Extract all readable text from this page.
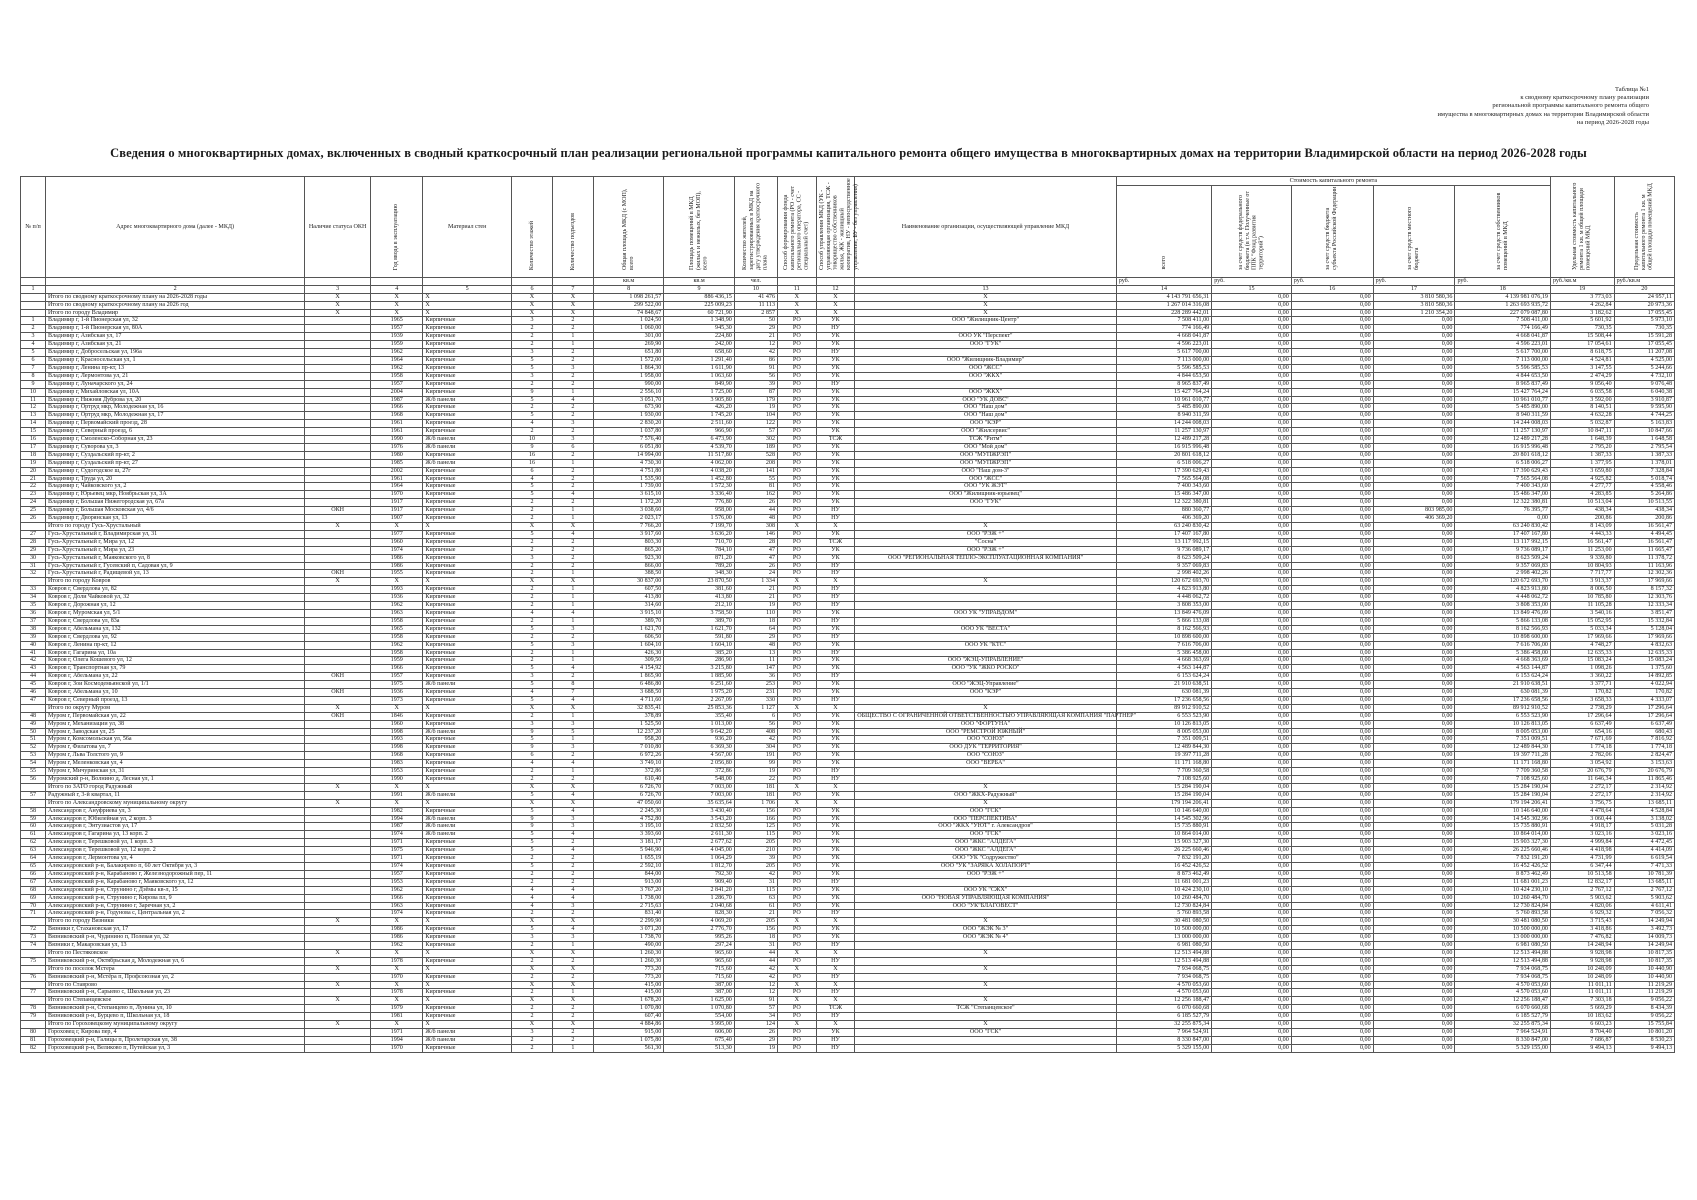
Таблица №1
к сводному краткосрочному плану реализации
региональной программы капитального ремонта общего
имущества в многоквартирных домах на территории Владимирской области
на период 2026-2028 годы
Сведения о многоквартирных домах, включенных в сводный краткосрочный план реализации региональной программы капитального ремонта общего имущества в многоквартирных домах на территории Владимирской области на период 2026-2028 годы
№ п/п	Адрес многоквартирного дома (далее - МКД)	Наличие статуса ОКН	Год ввода в эксплуатацию	Материал стен	Количество этажей	Количество подъездов	Общая площадь МКД (с МОП), всего	Площадь помещений в МКД (жилых и нежилых, без МОП), всего	Количество жителей, зарегистрированных в МКД на дату утверждения краткосрочного плана	Способ формирования фонда капитального ремонта (РО - счет регионального оператора, СС - специальный счет)	Способ управления МКД (УК - управляющая организация, ТСЖ - товарищество собственников жилья, ЖК - жилищный кооператив, НУ - непосредственное управление, БУ - без управления)	Наименование организации, осуществляющей управление МКД	Стоимость капитального ремонта					Удельная стоимость капитального ремонта 1 кв. м общей площади помещений МКД	Предельная стоимость капитального ремонта 1 кв. м общей площади помещений МКД
													всего	за счет средств федерального бюджета (в т.ч. Полученные от ППК "Фонд развития территорий")	за счет средств бюджета субъекта Российской Федерации	за счет средств местного бюджета	за счет средств собственников помещений в МКД		
							кв.м	кв.м	чел.				руб.	руб.	руб.	руб.	руб.	руб./кв.м	руб./кв.м
1	2	3	4	5	6	7	8	9	10	11	12	13	14	15	16	17	18	19	20
	Итого по сводному краткосрочному плану на 2026-2028 годы	X	X	X	X	X	1 098 261,57	886 436,15	41 476	X	X	X	4 143 791 656,31	0,00	0,00	3 810 580,36	4 139 981 076,19	3 773,03	24 957,11
	Итого по сводному краткосрочному плану на 2026 год	X	X	X	X	X	299 522,00	225 009,23	11 113	X	X	X	1 267 014 316,08	0,00	0,00	3 810 580,36	1 263 693 935,72	4 262,84	20 973,36
	Итого по городу Владимир	X	X	X	X	X	74 848,67	60 721,90	2 857	X	X	X	228 289 442,01	0,00	0,00	1 210 354,20	227 079 087,80	3 182,62	17 055,45
1	Владимир г, 1-й Пионерская ул, 32		1965	Кирпичные	3	2	1 024,50	1 348,90	50	РО	УК	ООО "Жилищник-Центр"	7 508 411,00	0,00	0,00	0,00	7 508 411,00	5 601,92	5 973,10
2	Владимир г, 1-й Пионерская ул, 80А		1957	Кирпичные	2	2	1 060,00	945,30	29	РО	НУ		774 166,49	0,00	0,00	0,00	774 166,49	730,35	730,35
3	Владимир г, Азибская ул, 17		1939	Кирпичные	2	1	301,00	224,80	21	РО	УК	ООО УК "Перспект"	4 668 041,87	0,00	0,00	0,00	4 668 041,87	15 508,44	15 591,28
4	Владимир г, Азибская ул, 21		1959	Кирпичные	2	1	269,90	242,00	12	РО	УК	ООО "ГУК"	4 596 223,01	0,00	0,00	0,00	4 596 223,01	17 054,61	17 055,45
5	Владимир г, Добросельская ул, 196а		1962	Кирпичные	3	2	651,80	658,60	42	РО	НУ		5 617 700,00	0,00	0,00	0,00	5 617 700,00	8 618,75	11 207,08
6	Владимир г, Красносельская ул, 1		1964	Кирпичные	5	2	1 572,00	1 291,40	86	РО	УК	ООО "Жилищник-Владимир"	7 113 000,00	0,00	0,00	0,00	7 113 000,00	4 524,81	4 525,00
7	Владимир г, Ленина пр-кт, 13		1962	Кирпичные	5	3	1 864,30	1 611,90	91	РО	УК	ООО "ЖСС"	5 596 585,53	0,00	0,00	0,00	5 596 585,53	3 147,55	5 244,66
8	Владимир г, Лермонтова ул, 21		1958	Кирпичные	3	2	1 958,00	1 063,60	56	РО	УК	ООО "ЖКХ"	4 844 653,50	0,00	0,00	0,00	4 844 653,50	2 474,29	4 732,10
9	Владимир г, Луначарского ул, 24		1957	Кирпичные	2	2	990,00	849,90	39	РО	НУ		8 965 837,49	0,00	0,00	0,00	8 965 837,49	9 056,40	9 076,48
10	Владимир г, Михайловская ул, 10А		2004	Кирпичные	9	1	2 556,10	1 725,00	87	РО	УК	ООО "ЖКХ"	15 427 764,24	0,00	0,00	0,00	15 427 764,24	6 035,58	6 040,38
11	Владимир г, Нижняя Дуброва ул, 20		1987	Ж/б панели	5	4	3 051,70	3 905,80	179	РО	УК	ООО "УК ДОВС"	10 961 010,77	0,00	0,00	0,00	10 961 010,77	3 592,00	3 910,87
12	Владимир г, Ортруд мкр, Молодежная ул, 16		1966	Кирпичные	2	2	673,90	426,20	19	РО	УК	ООО "Наш дом"	5 485 890,00	0,00	0,00	0,00	5 485 890,00	8 140,51	9 595,90
13	Владимир г, Ортруд мкр, Молодежная ул, 17		1968	Кирпичные	5	2	1 930,00	1 745,20	104	РО	УК	ООО "Наш дом"	8 940 311,59	0,00	0,00	0,00	8 940 311,59	4 632,28	4 744,25
14	Владимир г, Первомайский проезд, 28		1961	Кирпичные	4	3	2 830,20	2 511,60	122	РО	УК	ООО "КЭР"	14 244 008,03	0,00	0,00	0,00	14 244 008,03	5 032,87	5 163,83
15	Владимир г, Северный проезд, 6		1961	Кирпичные	2	2	1 037,80	966,90	57	РО	УК	ООО "Жилсервис"	11 257 130,97	0,00	0,00	0,00	11 257 130,97	10 847,11	10 847,66
16	Владимир г, Смоленско-Соборная ул, 23		1990	Ж/б панели	10	3	7 576,40	6 473,90	302	РО	ТСЖ	ТСЖ "Ритм"	12 489 217,28	0,00	0,00	0,00	12 489 217,28	1 648,39	1 648,58
17	Владимир г, Суворова ул, 3		1976	Ж/б панели	9	6	6 051,80	4 539,70	189	РО	УК	ООО "Мой дом"	16 915 996,48	0,00	0,00	0,00	16 915 996,48	2 795,20	2 795,54
18	Владимир г, Суздальский пр-кт, 2		1980	Кирпичные	16	2	14 994,00	11 517,80	528	РО	УК	ООО "МУПЖРЭП"	20 801 618,12	0,00	0,00	0,00	20 801 618,12	1 387,33	1 387,33
19	Владимир г, Суздальский пр-кт, 27		1985	Ж/б панели	16	1	4 730,30	4 062,00	208	РО	УК	ООО "МУПЖРЭП"	6 518 006,27	0,00	0,00	0,00	6 518 006,27	1 377,95	1 378,01
20	Владимир г, Судогодское ш, 27г		2002	Кирпичные	6	2	4 751,80	4 038,20	141	РО	УК	ООО "Наш дом-3"	17 390 629,43	0,00	0,00	0,00	17 390 629,43	3 659,80	7 328,84
21	Владимир г, Труда ул, 20		1961	Кирпичные	4	2	1 535,90	1 452,80	55	РО	УК	ООО "ЖСС"	7 565 564,08	0,00	0,00	0,00	7 565 564,08	4 925,82	5 018,74
22	Владимир г, Чайковского ул, 2		1964	Кирпичные	5	2	1 739,00	1 572,30	81	РО	УК	ООО "УК ЖЭТ"	7 400 343,60	0,00	0,00	0,00	7 400 343,60	4 277,77	4 558,46
23	Владимир г, Юрьевец мкр, Ноябрьская ул, 3А		1970	Кирпичные	5	4	3 615,10	3 336,40	162	РО	УК	ООО "Жилищник-юрьевец"	15 486 347,00	0,00	0,00	0,00	15 486 347,00	4 283,85	5 264,86
24	Владимир г, Большая Нижегородская ул, 67а		1917	Кирпичные	2	2	1 172,20	776,80	26	РО	УК	ООО "ГУК"	12 322 380,81	0,00	0,00	0,00	12 322 380,81	10 513,04	10 513,55
25	Владимир г, Большая Московская ул, 4/6	ОКН	1917	Кирпичные	2	1	3 038,60	958,00	44	РО	НУ		880 360,77	0,00	0,00	803 985,00	76 395,77	438,34	438,34
26	Владимир г, Дворянская ул, 13		1907	Кирпичные	2	1	2 023,17	1 576,00	48	РО	НУ		406 369,20	0,00	0,00	406 369,20	0,00	200,86	200,86
	Итого по городу Гусь-Хрустальный	X	X	X	X	X	7 766,20	7 199,70	308	X	X	X	63 240 830,42	0,00	0,00	0,00	63 240 830,42	8 143,09	16 561,47
27	Гусь-Хрустальный г, Владимирская ул, 31		1977	Кирпичные	5	4	3 917,60	3 636,20	146	РО	УК	ООО "РЭЖ +"	17 407 167,80	0,00	0,00	0,00	17 407 167,80	4 443,33	4 494,45
28	Гусь-Хрустальный г, Мира ул, 12		1960	Кирпичные	2	2	803,30	710,70	28	РО	ТСЖ	"Сосна"	13 117 992,15	0,00	0,00	0,00	13 117 992,15	16 561,47	16 561,47
29	Гусь-Хрустальный г, Мира ул, 23		1974	Кирпичные	2	2	865,20	784,10	47	РО	УК	ООО "РЭЖ +"	9 736 089,17	0,00	0,00	0,00	9 736 089,17	11 253,00	11 665,47
30	Гусь-Хрустальный г, Маяковского ул, 8		1986	Кирпичные	3	2	923,30	871,20	47	РО	УК	ООО "РЕГИОНАЛЬНАЯ ТЕПЛО-ЭКСПЛУАТАЦИОННАЯ КОМПАНИЯ"	8 623 509,24	0,00	0,00	0,00	8 623 509,24	9 339,80	11 378,72
31	Гусь-Хрустальный г, Гусевский п, Садовая ул, 9		1986	Кирпичные	2	2	866,00	789,20	26	РО	НУ		9 357 069,83	0,00	0,00	0,00	9 357 069,83	10 804,93	11 163,96
32	Гусь-Хрустальный г, Радищевой ул, 13	ОКН	1955	Кирпичные	2	1	388,50	348,30	24	РО	НУ		2 998 402,26	0,00	0,00	0,00	2 998 402,26	7 717,77	12 302,36
	Итого по городу Ковров	X	X	X	X	X	30 837,00	23 870,50	1 334	X	X	X	120 672 693,70	0,00	0,00	0,00	120 672 693,70	3 913,37	17 969,66
33	Ковров г, Свердлова ул, 82		1993	Кирпичные	2	1	607,50	381,60	21	РО	НУ		4 823 913,80	0,00	0,00	0,00	4 823 913,80	8 006,50	8 157,32
34	Ковров г, Доли Чайковой ул, 32		1936	Кирпичные	2	1	413,80	413,80	21	РО	НУ		4 448 062,72	0,00	0,00	0,00	4 448 062,72	10 785,80	12 303,76
35	Ковров г, Дорожная ул, 12		1962	Кирпичные	2	1	314,60	212,10	19	РО	НУ		3 808 353,00	0,00	0,00	0,00	3 808 353,00	11 105,28	12 333,34
36	Ковров г, Муромская ул, 5/1		1963	Кирпичные	4	4	3 915,10	3 758,50	110	РО	УК	ООО УК "УПРАВДОМ"	13 849 476,09	0,00	0,00	0,00	13 849 476,09	3 540,16	3 851,47
37	Ковров г, Свердлова ул, 83а		1958	Кирпичные	2	1	389,70	389,70	18	РО	НУ		5 866 133,08	0,00	0,00	0,00	5 866 133,08	15 052,95	15 332,84
38	Ковров г, Абельмана ул, 132		1965	Кирпичные	5	3	1 621,70	1 621,70	64	РО	УК	ООО УК "ВЕСТА"	8 162 566,93	0,00	0,00	0,00	8 162 566,93	5 033,34	5 128,04
39	Ковров г, Свердлова ул, 92		1958	Кирпичные	2	2	606,50	591,80	29	РО	НУ		10 898 600,00	0,00	0,00	0,00	10 898 600,00	17 969,66	17 969,66
40	Ковров г, Ленина пр-кт, 12		1962	Кирпичные	5	3	1 604,10	1 604,10	48	РО	УК	ООО УК "КТС"	7 616 706,00	0,00	0,00	0,00	7 616 706,00	4 748,27	4 832,63
41	Ковров г, Гагарина ул, 10а		1958	Кирпичные	2	1	426,30	385,20	13	РО	НУ		5 386 458,00	0,00	0,00	0,00	5 386 458,00	12 635,33	12 635,33
42	Ковров г, Олега Кошевого ул, 12		1959	Кирпичные	2	1	309,50	286,90	11	РО	УК	ООО "ЖЭЦ-УПРАВЛЕНИЕ"	4 668 363,69	0,00	0,00	0,00	4 668 363,69	15 083,24	15 083,24
43	Ковров г, Транспортная ул, 79		1966	Кирпичные	5	4	4 154,92	3 215,80	147	РО	УК	ООО "УК "ЖКО РОСКО"	4 563 144,87	0,00	0,00	0,00	4 563 144,87	1 098,26	1 375,60
44	Ковров г, Абельмана ул, 22	ОКН	1957	Кирпичные	3	2	1 865,90	1 885,90	36	РО	НУ		6 153 624,24	0,00	0,00	0,00	6 153 624,24	3 360,22	14 892,85
45	Ковров г, Зои Космодемьянской ул, 1/1		1975	Ж/б панели	5	8	6 486,80	6 251,60	253	РО	УК	ООО "ЖЭЦ-Управление"	21 910 638,51	0,00	0,00	0,00	21 910 638,51	3 377,71	4 022,94
46	Ковров г, Абельмана ул, 10	ОКН	1936	Кирпичные	4	7	3 688,50	1 975,20	231	РО	УК	ООО "КЭР"	630 081,39	0,00	0,00	0,00	630 081,39	170,82	170,82
47	Ковров г, Северный проезд, 13		1973	Кирпичные	5	4	4 711,60	2 267,09	330	РО	НУ		17 236 658,56	0,00	0,00	0,00	17 236 658,56	3 658,33	4 333,07
	Итого по округу Муром	X	X	X	X	X	32 835,41	25 853,36	1 127	X	X	X	89 912 910,52	0,00	0,00	0,00	89 912 910,52	2 738,29	17 296,64
48	Муром г, Первомайская ул, 22	ОКН	1846	Кирпичные	2	1	378,89	355,40	6	РО	УК	ОБЩЕСТВО С ОГРАНИЧЕННОЙ ОТВЕТСТВЕННОСТЬЮ УПРАВЛЯЮЩАЯ КОМПАНИЯ "ПАРТНЕР"	6 553 523,90	0,00	0,00	0,00	6 553 523,90	17 296,64	17 296,64
49	Муром г, Механизации ул, 38		1960	Кирпичные	3	3	1 525,50	1 013,00	56	РО	УК	ООО "ФОРТУНА"	10 126 813,05	0,00	0,00	0,00	10 126 813,05	6 637,49	6 637,49
50	Муром г, Заводская ул, 25		1998	Ж/б панели	9	5	12 237,20	9 642,20	408	РО	УК	ООО "РЕМСТРОЙ ЮЖНЫЙ"	8 005 053,00	0,00	0,00	0,00	8 005 053,00	654,16	680,43
51	Муром г, Комсомольская ул, 56а		1993	Кирпичные	5	1	958,20	936,20	42	РО	УК	ООО "СОЮЗ"	7 351 009,51	0,00	0,00	0,00	7 351 009,51	7 671,69	7 816,92
52	Муром г, Филатова ул, 7		1998	Кирпичные	9	3	7 010,80	6 369,30	304	РО	УК	ООО ДУК "ТЕРРИТОРИЯ"	12 489 844,30	0,00	0,00	0,00	12 489 844,30	1 774,18	1 774,18
53	Муром г, Льва Толстого ул, 9		1968	Кирпичные	6	2	6 972,26	4 567,00	191	РО	УК	ООО "СОЮЗ"	19 397 711,28	0,00	0,00	0,00	19 397 711,28	2 782,06	2 824,47
54	Муром г, Меленковская ул, 4		1983	Кирпичные	4	4	3 749,10	2 056,80	99	РО	УК	ООО "ВЕРБА"	11 171 168,80	0,00	0,00	0,00	11 171 168,80	3 054,92	3 153,63
55	Муром г, Мичуринская ул, 31		1953	Кирпичные	2	1	372,86	372,86	19	РО	НУ		7 709 360,58	0,00	0,00	0,00	7 709 360,58	20 676,79	20 676,79
56	Муромский р-н, Волнино д, Лесная ул, 1		1990	Кирпичные	2	2	610,40	548,00	22	РО	НУ		7 108 925,60	0,00	0,00	0,00	7 108 925,60	11 646,34	11 865,46
	Итого по ЗАТО город Радужный	X	X	X	X	X	6 726,70	7 003,00	181	X	X	X	15 284 190,04	0,00	0,00	0,00	15 284 190,04	2 272,17	2 314,92
57	Радужный г, 3-й квартал, 11		1991	Ж/б панели	5	4	6 726,70	7 003,00	181	РО	УК	ООО "ЖКХ-Радужный"	15 284 190,04	0,00	0,00	0,00	15 284 190,04	2 272,17	2 314,92
	Итого по Александровскому муниципальному округу	X	X	X	X	X	47 050,60	35 635,64	1 706	X	X	X	179 194 206,41	0,00	0,00	0,00	179 194 206,41	3 756,75	13 685,11
58	Александров г, Ануфриева ул, 3		1982	Кирпичные	5	4	2 245,30	3 430,40	156	РО	УК	ООО "ГСК"	10 146 640,00	0,00	0,00	0,00	10 146 640,00	4 478,64	4 528,84
59	Александров г, Юбилейная ул, 2 корп. 3		1994	Ж/б панели	9	3	4 752,80	3 543,20	166	РО	УК	ООО "ПЕРСПЕКТИВА"	14 545 302,96	0,00	0,00	0,00	14 545 302,96	3 060,44	3 138,02
60	Александров г, Энтузиастов ул, 17		1987	Ж/б панели	9	3	3 195,10	2 832,50	125	РО	УК	ООО "ЖКХ "УЮТ" г. Александров"	15 735 880,91	0,00	0,00	0,00	15 735 880,91	4 918,17	5 031,28
61	Александров г, Гагарина ул, 13 корп. 2		1974	Ж/б панели	5	4	3 393,60	2 611,30	115	РО	УК	ООО "ГСК"	10 864 014,00	0,00	0,00	0,00	10 864 014,00	3 023,16	3 023,16
62	Александров г, Терешковой ул, 1 корп. 3		1971	Кирпичные	5	2	3 181,17	2 677,62	205	РО	УК	ООО "ЖКС "АЛДЕГА"	15 903 327,30	0,00	0,00	0,00	15 903 327,30	4 999,84	4 472,45
63	Александров г, Терешковой ул, 12 корп. 2		1975	Кирпичные	5	4	5 946,90	4 045,00	210	РО	УК	ООО "ЖКС "АЛДЕГА"	26 225 660,46	0,00	0,00	0,00	26 225 660,46	4 418,98	4 414,09
64	Александров г, Лермонтова ул, 4		1971	Кирпичные	2	2	1 655,19	1 064,29	39	РО	УК	ООО "УК "Содружество"	7 832 191,20	0,00	0,00	0,00	7 832 191,20	4 731,99	6 619,54
65	Александровский р-н, Балакирево п, 60 лет Октября ул, 3		1974	Кирпичные	5	2	2 592,10	1 812,70	205	РО	УК	ООО "УК "ЗАРЯКА ХОЛАПОРТ"	16 452 426,52	0,00	0,00	0,00	16 452 426,52	6 347,44	7 471,33
66	Александровский р-н, Карабаново г, Железнодорожный пер, 11		1957	Кирпичные	2	2	844,00	792,30	42	РО	УК	ООО "РЭЖ +"	8 873 462,49	0,00	0,00	0,00	8 873 462,49	10 513,58	10 781,39
67	Александровский р-н, Карабаново г, Маяковского ул, 12		1953	Кирпичные	2	2	913,00	909,40	31	РО	НУ		11 681 001,23	0,00	0,00	0,00	11 681 001,23	12 832,17	13 685,11
68	Александровский р-н, Струнино г, Дзёмы кв-л, 15		1962	Кирпичные	4	4	3 767,20	2 841,20	115	РО	УК	ООО УК "СЖХ"	10 424 230,10	0,00	0,00	0,00	10 424 230,10	2 767,12	2 767,12
69	Александровский р-н, Струнино г, Кирова пл, 9		1966	Кирпичные	4	4	1 738,00	1 286,70	63	РО	УК	ООО "НОВАЯ УПРАВЛЯЮЩАЯ КОМПАНИЯ"	10 260 484,70	0,00	0,00	0,00	10 260 484,70	5 903,62	5 903,62
70	Александровский р-н, Струнино г, Заречная ул, 2		1963	Кирпичные	4	3	2 715,63	2 040,68	61	РО	УК	ООО "УК"БЛАГОВЕСТ"	12 730 824,84	0,00	0,00	0,00	12 730 824,84	4 820,06	4 611,41
71	Александровский р-н, Годунова с, Центральная ул, 2		1974	Кирпичные	2	2	831,40	828,30	21	РО	НУ		5 760 893,58	0,00	0,00	0,00	5 760 893,58	6 929,32	7 056,32
	Итого по городу Вязники	X	X	X	X	X	2 299,90	4 069,20	205	X	X	X	30 481 080,50	0,00	0,00	0,00	30 481 080,50	3 715,43	14 249,94
72	Вязники г, Стахановская ул, 17		1986	Кирпичные	5	4	3 071,20	2 776,70	156	РО	УК	ООО "ЖЭК № 3"	10 500 000,00	0,00	0,00	0,00	10 500 000,00	3 418,86	3 492,73
73	Вязниковский р-н, Чудинино п, Полевая ул, 32		1986	Кирпичные	3	3	1 738,70	995,26	18	РО	УК	ООО "ЖЭК № 4"	13 000 000,00	0,00	0,00	0,00	13 000 000,00	7 476,82	14 009,73
74	Вязники г, Макаровская ул, 13		1962	Кирпичные	2	1	490,00	297,24	31	РО	НУ		6 981 080,50	0,00	0,00	0,00	6 981 080,50	14 248,94	14 249,94
	Итого по Пестяковское	X	X	X	X	X	1 260,30	965,60	44	X	X	X	12 513 494,88	0,00	0,00	0,00	12 513 494,88	9 928,98	10 817,35
75	Вязниковский р-н, Октябрьская д, Молодежная ул, 6		1978	Кирпичные	2	2	1 260,30	965,60	44	РО	НУ		12 513 494,88	0,00	0,00	0,00	12 513 494,88	9 928,98	10 817,35
	Итого по поселок Мстера	X	X	X	X	X	773,20	715,60	42	X	X	X	7 934 068,75	0,00	0,00	0,00	7 934 068,75	10 248,09	10 440,90
76	Вязниковский р-н, Мстёра п, Профсоюзная ул, 2		1970	Кирпичные	2	2	773,20	715,60	42	РО	НУ		7 934 068,75	0,00	0,00	0,00	7 934 068,75	10 248,09	10 440,90
	Итого по Ставрово	X	X	X	X	X	415,00	387,00	12	X	X	X	4 570 053,60	0,00	0,00	0,00	4 570 053,60	11 011,11	11 219,29
77	Вязниковский р-н, Сарыево с, Школьная ул, 23		1978	Кирпичные	2	1	415,00	387,00	12	РО	НУ		4 570 053,60	0,00	0,00	0,00	4 570 053,60	11 011,11	11 219,29
	Итого по Степанцевское	X	X	X	X	X	1 678,20	1 625,00	91	X	X	X	12 256 188,47	0,00	0,00	0,00	12 256 188,47	7 303,18	9 056,22
78	Вязниковский р-н, Степанцево п, Лунина ул, 10		1979	Кирпичные	2	2	1 070,80	1 070,80	57	РО	ТСЖ	ТСЖ "Степанцевское"	6 070 660,68	0,00	0,00	0,00	6 070 660,68	5 669,29	8 434,39
79	Вязниковский р-н, Бурцево п, Школьная ул, 18		1981	Кирпичные	2	2	607,40	554,00	34	РО	НУ		6 185 527,79	0,00	0,00	0,00	6 185 527,79	10 183,62	9 056,22
	Итого по Гороховецкому муниципальному округу	X	X	X	X	X	4 884,86	3 995,00	124	X	X	X	32 255 875,34	0,00	0,00	0,00	32 255 875,34	6 603,23	15 755,84
80	Гороховец г, Кирова пер, 4		1971	Ж/б панели	3	2	915,00	606,00	26	РО	УК	ООО "ГСК"	7 964 524,91	0,00	0,00	0,00	7 964 524,91	8 704,40	10 801,20
81	Гороховецкий р-н, Галицы п, Пролетарская ул, 38		1994	Ж/б панели	2	2	1 075,80	675,40	29	РО	НУ		8 330 847,00	0,00	0,00	0,00	8 330 847,00	7 686,87	8 530,23
82	Гороховецкий р-н, Великово п, Путейская ул, 3		1970	Кирпичные	2	1	561,30	513,30	19	РО	НУ		5 329 155,00	0,00	0,00	0,00	5 329 155,00	9 494,13	9 494,13
